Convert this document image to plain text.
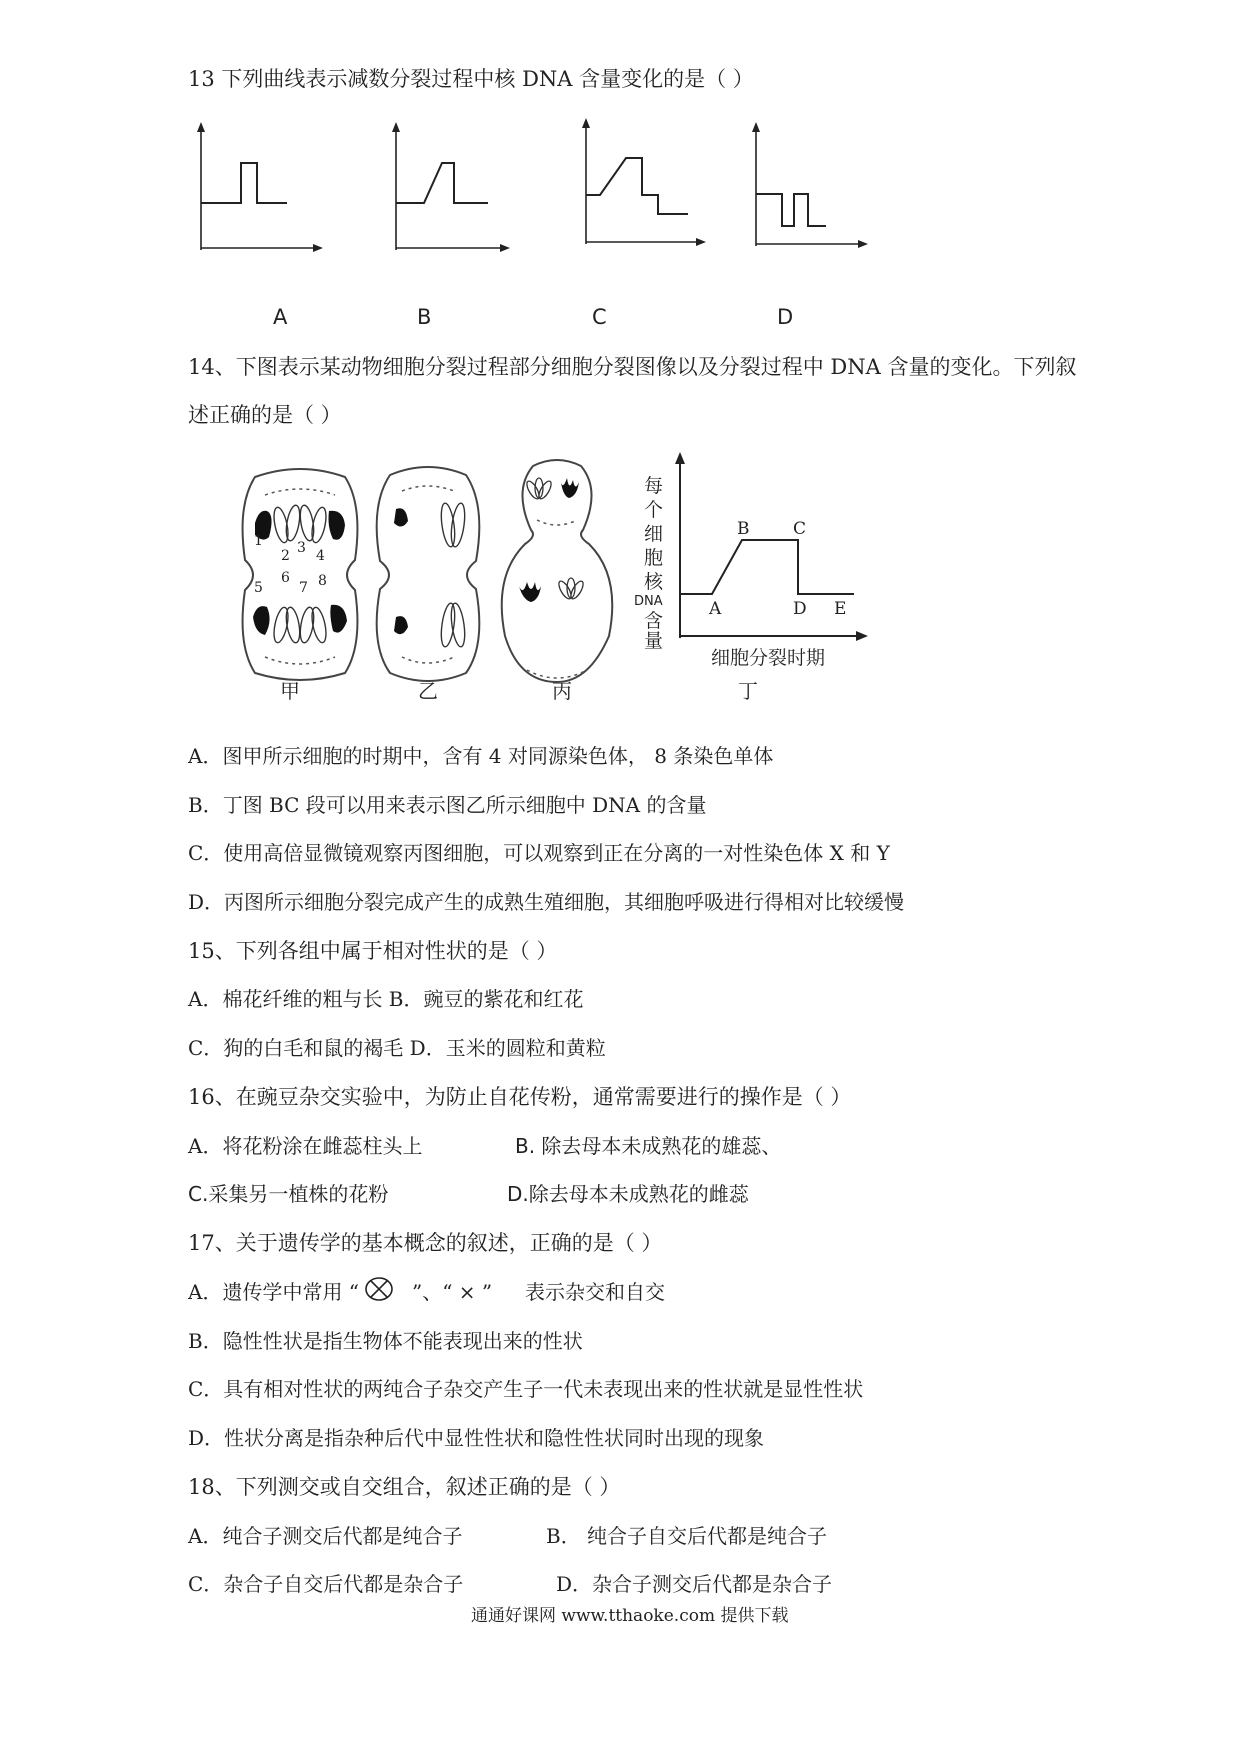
13 下列曲线表示减数分裂过程中核 DNA 含量变化的是（ ）
A	B	C	D
14、下图表示某动物细胞分裂过程部分细胞分裂图像以及分裂过程中 DNA 含量的变化。下列叙
述正确的是（ ）
1
2 3 4
5
6
7 8
每
个
细
胞
核
DNA
含
量
细胞分裂时期
A
B	C
D E
甲	乙	丙	丁
A．图甲所示细胞的时期中，含有 4 对同源染色体， 8 条染色单体
B．丁图 BC 段可以用来表示图乙所示细胞中 DNA 的含量
C．使用高倍显微镜观察丙图细胞，可以观察到正在分离的一对性染色体 X 和 Y
D．丙图所示细胞分裂完成产生的成熟生殖细胞，其细胞呼吸进行得相对比较缓慢
15、下列各组中属于相对性状的是（ ）
A．棉花纤维的粗与长 B．豌豆的紫花和红花
C．狗的白毛和鼠的褐毛 D．玉米的圆粒和黄粒
16、在豌豆杂交实验中，为防止自花传粉，通常需要进行的操作是（ ）
A．将花粉涂在雌蕊柱头上	B. 除去母本未成熟花的雄蕊、
C.采集另一植株的花粉	D.除去母本未成熟花的雌蕊
17、关于遗传学的基本概念的叙述，正确的是（ ）
A．遗传学中常用 “	”、“ × ” 表示杂交和自交
B．隐性性状是指生物体不能表现出来的性状
C．具有相对性状的两纯合子杂交产生子一代未表现出来的性状就是显性性状
D．性状分离是指杂种后代中显性性状和隐性性状同时出现的现象
18、下列测交或自交组合，叙述正确的是（ ）
A．纯合子测交后代都是纯合子	B． 纯合子自交后代都是纯合子
C．杂合子自交后代都是杂合子	D．杂合子测交后代都是杂合子
通通好课网 www.tthaoke.com 提供下载
